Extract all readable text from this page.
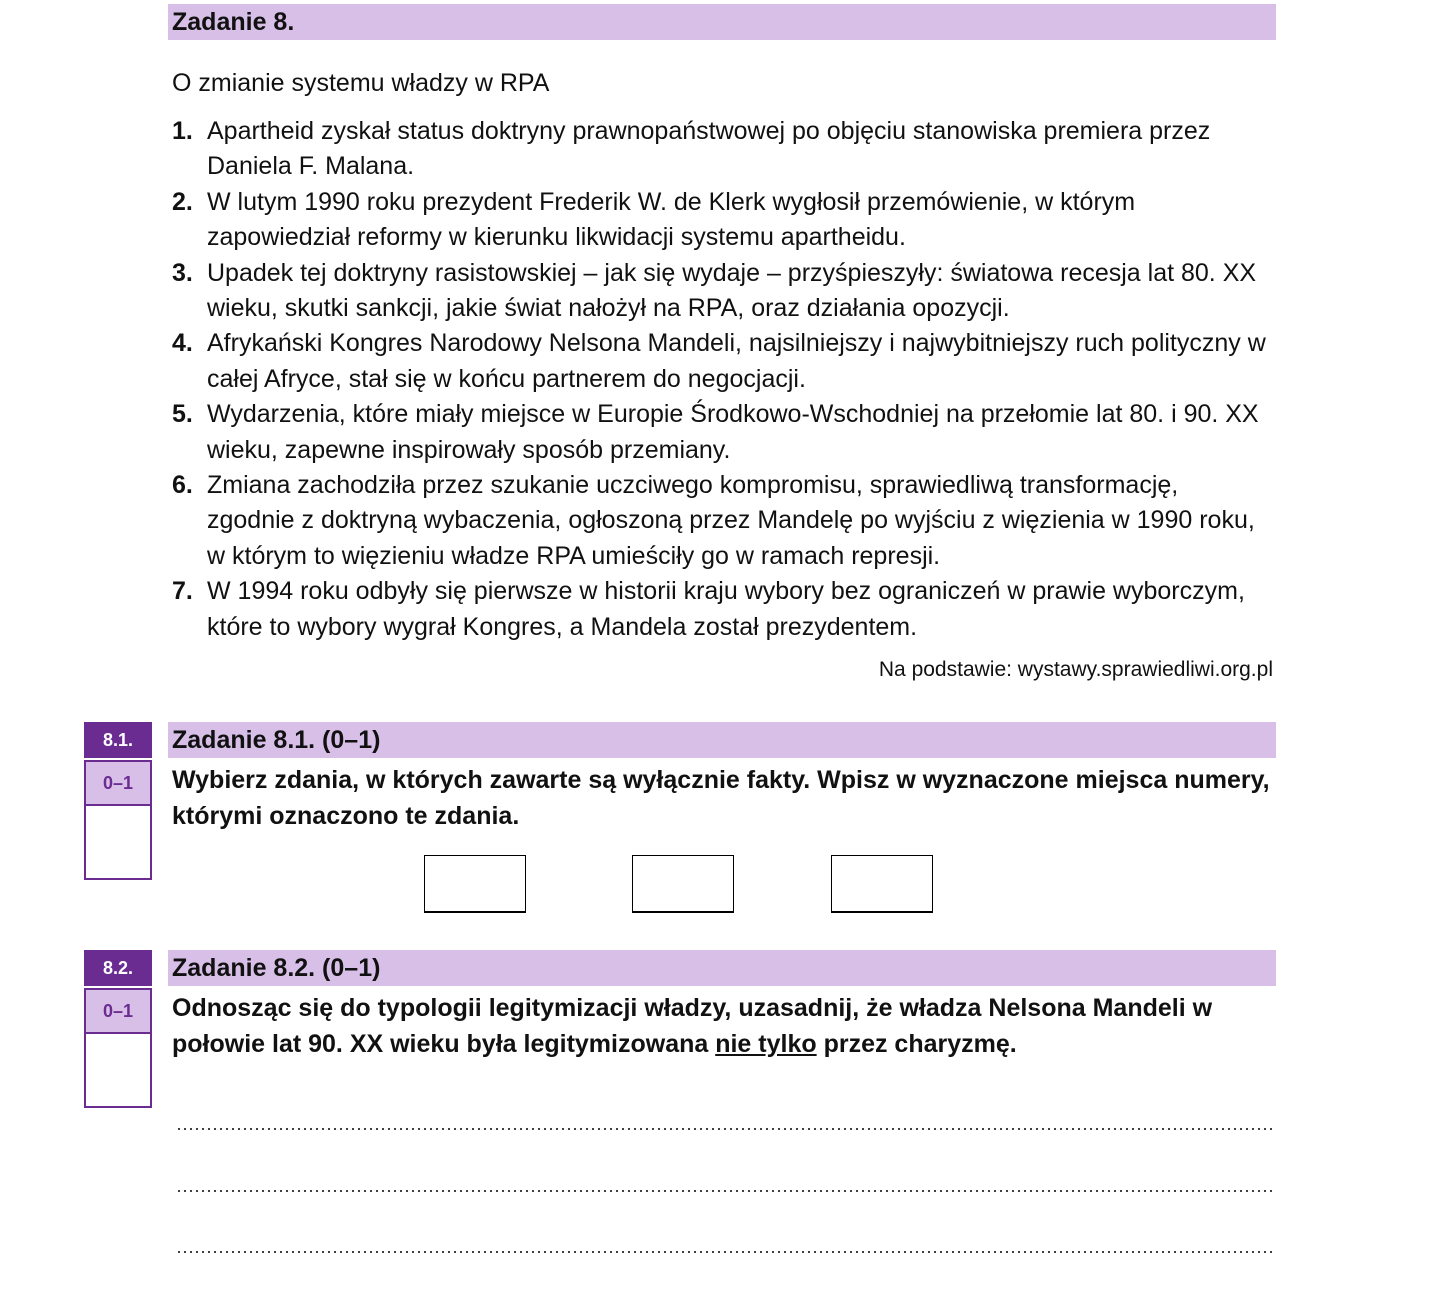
Zadanie 8.
O zmianie systemu władzy w RPA
1. Apartheid zyskał status doktryny prawnopaństwowej po objęciu stanowiska premiera przez Daniela F. Malana.
2. W lutym 1990 roku prezydent Frederik W. de Klerk wygłosił przemówienie, w którym zapowiedział reformy w kierunku likwidacji systemu apartheidu.
3. Upadek tej doktryny rasistowskiej – jak się wydaje – przyśpieszyły: światowa recesja lat 80. XX wieku, skutki sankcji, jakie świat nałożył na RPA, oraz działania opozycji.
4. Afrykański Kongres Narodowy Nelsona Mandeli, najsilniejszy i najwybitniejszy ruch polityczny w całej Afryce, stał się w końcu partnerem do negocjacji.
5. Wydarzenia, które miały miejsce w Europie Środkowo-Wschodniej na przełomie lat 80. i 90. XX wieku, zapewne inspirowały sposób przemiany.
6. Zmiana zachodziła przez szukanie uczciwego kompromisu, sprawiedliwą transformację, zgodnie z doktryną wybaczenia, ogłoszoną przez Mandelę po wyjściu z więzienia w 1990 roku, w którym to więzieniu władze RPA umieściły go w ramach represji.
7. W 1994 roku odbyły się pierwsze w historii kraju wybory bez ograniczeń w prawie wyborczym, które to wybory wygrał Kongres, a Mandela został prezydentem.
Na podstawie: wystawy.sprawiedliwi.org.pl
8.1.
0–1
Zadanie 8.1. (0–1)
Wybierz zdania, w których zawarte są wyłącznie fakty. Wpisz w wyznaczone miejsca numery, którymi oznaczono te zdania.
8.2.
0–1
Zadanie 8.2. (0–1)
Odnosząc się do typologii legitymizacji władzy, uzasadnij, że władza Nelsona Mandeli w połowie lat 90. XX wieku była legitymizowana nie tylko przez charyzmę.
